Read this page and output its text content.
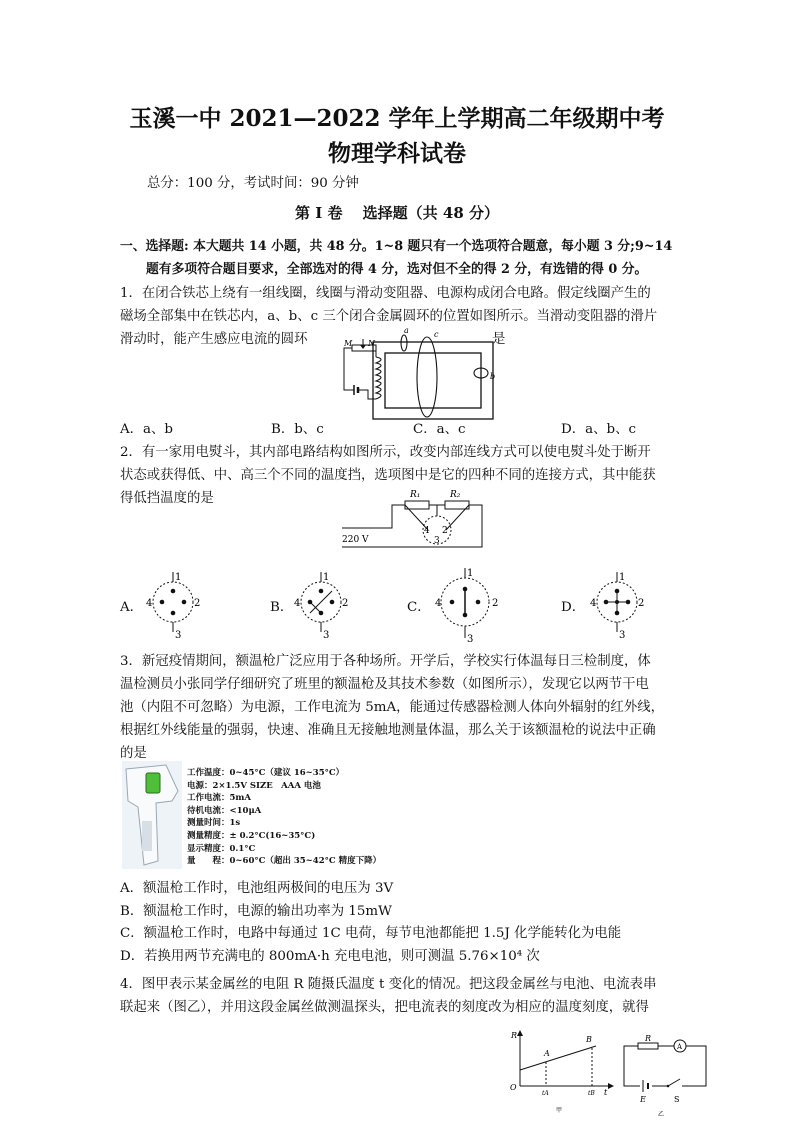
玉溪一中 2021—2022 学年上学期高二年级期中考
物理学科试卷
总分：100 分，考试时间：90 分钟
第 I 卷　 选择题（共 48 分）
一、选择题: 本大题共 14 小题，共 48 分。1~8 题只有一个选项符合题意，每小题 3 分;9~14
题有多项符合题目要求，全部选对的得 4 分，选对但不全的得 2 分，有选错的得 0 分。
1．在闭合铁芯上绕有一组线圈，线圈与滑动变阻器、电源构成闭合电路。假定线圈产生的
磁场全部集中在铁芯内，a、b、c 三个闭合金属圆环的位置如图所示。当滑动变阻器的滑片
滑动时，能产生感应电流的圆环	是
M N
a	c
b
A．a、b	B．b、c	C．a、c	D．a、b、c
2．有一家用电熨斗，其内部电路结构如图所示，改变内部连线方式可以使电熨斗处于断开
状态或获得低、中、高三个不同的温度挡，选项图中是它的四种不同的连接方式，其中能获
得低挡温度的是	R₁	R₂
4 2
3
220 V
A．
1
4	2
3
B．
1
4	2
3
C．
1
4	2
3
D．
1
4	2
3
3．新冠疫情期间，额温枪广泛应用于各种场所。开学后，学校实行体温每日三检制度，体
温检测员小张同学仔细研究了班里的额温枪及其技术参数（如图所示），发现它以两节干电
池（内阻不可忽略）为电源，工作电流为 5mA，能通过传感器检测人体向外辐射的红外线，
根据红外线能量的强弱，快速、准确且无接触地测量体温，那么关于该额温枪的说法中正确
的是
工作温度：0~45°C（建议 16~35°C）
电源：2×1.5V SIZE　AAA 电池
工作电流：5mA
待机电流：<10μA
测量时间：1s
测量精度：± 0.2°C(16~35°C)
显示精度：0.1°C
量　　程：0~60°C（超出 35~42°C 精度下降）
A．额温枪工作时，电池组两极间的电压为 3V
B．额温枪工作时，电源的输出功率为 15mW
C．额温枪工作时，电路中每通过 1C 电荷，每节电池都能把 1.5J 化学能转化为电能
D．若换用两节充满电的 800mA·h 充电电池，则可测温 5.76×10⁴ 次
4．图甲表示某金属丝的电阻 R 随摄氏温度 t 变化的情况。把这段金属丝与电池、电流表串
联起来（图乙），并用这段金属丝做测温探头，把电流表的刻度改为相应的温度刻度，就得
R
O
A
B
tA	tB t
甲
A
R
E	S
乙
